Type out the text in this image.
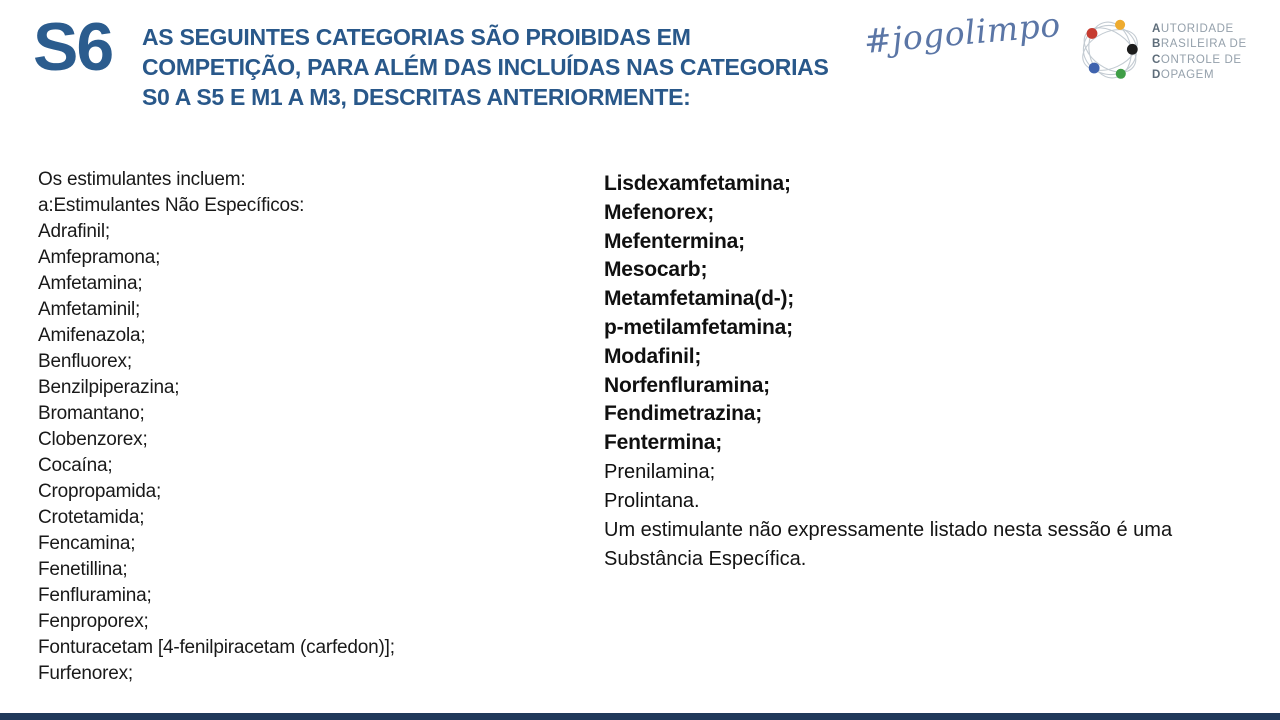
S6 AS SEGUINTES CATEGORIAS SÃO PROIBIDAS EM COMPETIÇÃO, PARA ALÉM DAS INCLUÍDAS NAS CATEGORIAS S0 A S5 E M1 A M3, DESCRITAS ANTERIORMENTE:
#jogolimpo	AUTORIDADE
BRASILEIRA DE
CONTROLE DE
DOPAGEM
Os estimulantes incluem:
a:Estimulantes Não Específicos:
Adrafinil;
Amfepramona;
Amfetamina;
Amfetaminil;
Amifenazola;
Benfluorex;
Benzilpiperazina;
Bromantano;
Clobenzorex;
Cocaína;
Cropropamida;
Crotetamida;
Fencamina;
Fenetillina;
Fenfluramina;
Fenproporex;
Fonturacetam [4-fenilpiracetam (carfedon)];
Furfenorex;
Lisdexamfetamina;
Mefenorex;
Mefentermina;
Mesocarb;
Metamfetamina(d-);
p-metilamfetamina;
Modafinil;
Norfenfluramina;
Fendimetrazina;
Fentermina;
Prenilamina;
Prolintana.
Um estimulante não expressamente listado nesta sessão é uma Substância Específica.
